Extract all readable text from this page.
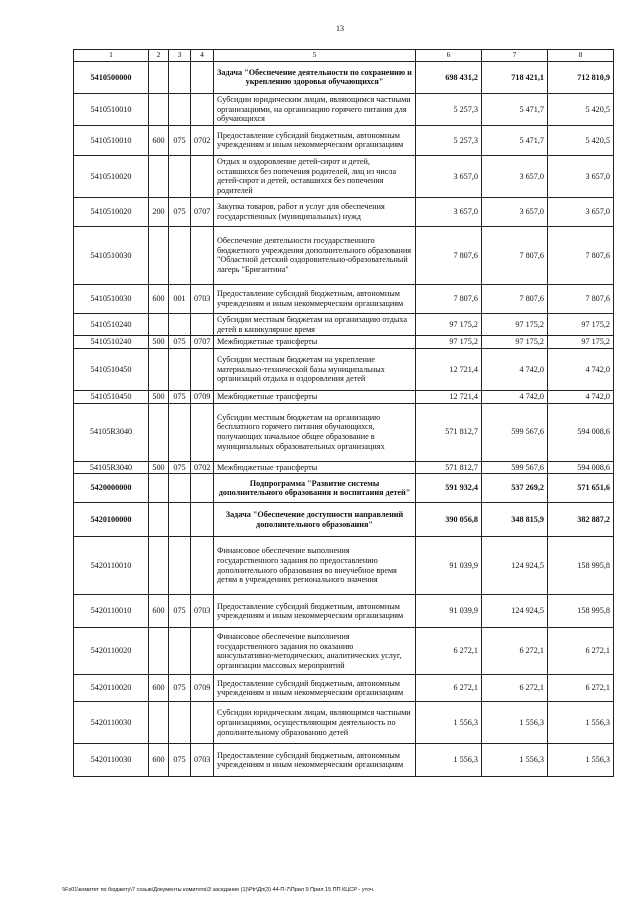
13
1	2	3	4	5	6	7	8
5410500000				Задача "Обеспечение деятельности по сохранению и укреплению здоровья обучающихся"	698 431,2	718 421,1	712 810,9
5410510010				Субсидии юридическим лицам, являющимся частными организациями, на организацию горячего питания для обучающихся	5 257,3	5 471,7	5 420,5
5410510010	600	075	0702	Предоставление субсидий бюджетным, автономным учреждениям и иным некоммерческим организациям	5 257,3	5 471,7	5 420,5
5410510020				Отдых и оздоровление детей-сирот и детей, оставшихся без попечения родителей, лиц из числа детей-сирот и детей, оставшихся без попечения родителей	3 657,0	3 657,0	3 657,0
5410510020	200	075	0707	Закупка товаров, работ и услуг для обеспечения государственных (муниципальных) нужд	3 657,0	3 657,0	3 657,0
5410510030				Обеспечение деятельности государственного бюджетного учреждения дополнительного образования "Областной детский оздоровительно-образовательный лагерь "Бригантина"	7 807,6	7 807,6	7 807,6
5410510030	600	001	0703	Предоставление субсидий бюджетным, автономным учреждениям и иным некоммерческим организациям	7 807,6	7 807,6	7 807,6
5410510240				Субсидии местным бюджетам на организацию отдыха детей в каникулярное время	97 175,2	97 175,2	97 175,2
5410510240	500	075	0707	Межбюджетные трансферты	97 175,2	97 175,2	97 175,2
5410510450				Субсидии местным бюджетам на укрепление материально-технической базы муниципальных организаций отдыха и оздоровления детей	12 721,4	4 742,0	4 742,0
5410510450	500	075	0709	Межбюджетные трансферты	12 721,4	4 742,0	4 742,0
54105R3040				Субсидии местным бюджетам на организацию бесплатного горячего питания обучающихся, получающих начальное общее образование в муниципальных образовательных организациях	571 812,7	599 567,6	594 008,6
54105R3040	500	075	0702	Межбюджетные трансферты	571 812,7	599 567,6	594 008,6
5420000000				Подпрограмма "Развитие системы дополнительного образования и воспитания детей"	591 932,4	537 269,2	571 651,6
5420100000				Задача "Обеспечение доступности направлений дополнительного образования"	390 056,8	348 815,9	382 887,2
5420110010				Финансовое обеспечение выполнения государственного задания по предоставлению дополнительного образования во внеучебное время детям в учреждениях регионального значения	91 039,9	124 924,5	158 995,8
5420110010	600	075	0703	Предоставление субсидий бюджетным, автономным учреждениям и иным некоммерческим организациям	91 039,9	124 924,5	158 995,8
5420110020				Финансовое обеспечение выполнения государственного задания по оказанию консультативно-методических, аналитических услуг, организации массовых мероприятий	6 272,1	6 272,1	6 272,1
5420110020	600	075	0709	Предоставление субсидий бюджетным, автономным учреждениям и иным некоммерческим организациям	6 272,1	6 272,1	6 272,1
5420110030				Субсидии юридическим лицам, являющимся частными организациями, осуществляющим деятельность по дополнительному образованию детей	1 556,3	1 556,3	1 556,3
5420110030	600	075	0703	Предоставление субсидий бюджетным, автономным учреждениям и иным некоммерческим организациям	1 556,3	1 556,3	1 556,3
\\Fs01\комитет по бюджету\7 созыв\Документы комитета\3 заседание (1)\Ptr\Дп(3) 44-П-7\Прил 9 Прил 15 ПП КЦСР - уточ.
